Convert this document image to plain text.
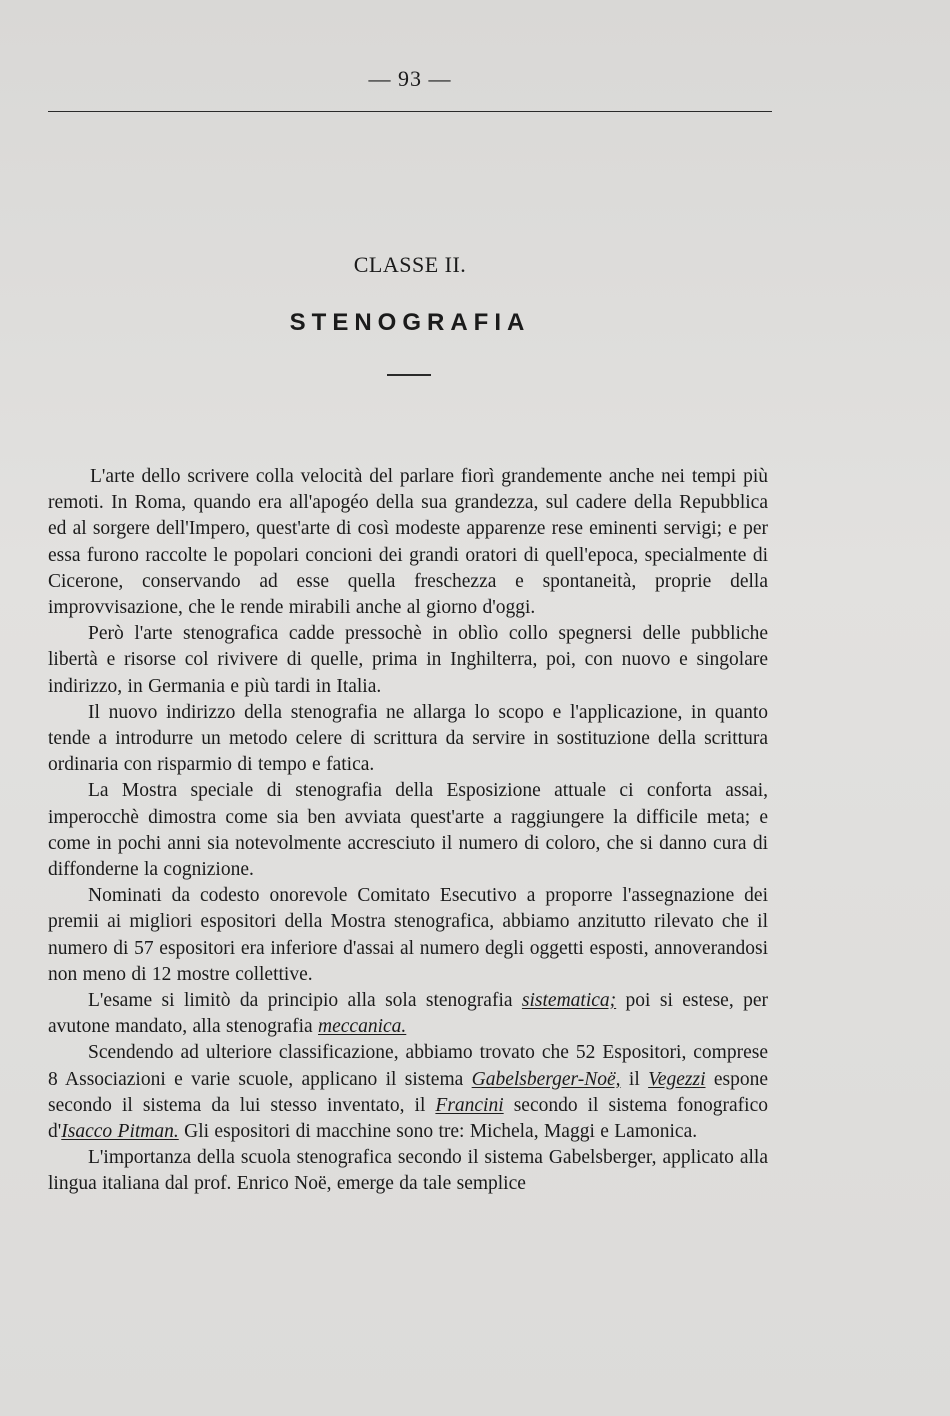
— 93 —
CLASSE II.
STENOGRAFIA

L'arte dello scrivere colla velocità del parlare fiorì grandemente anche nei tempi più remoti. In Roma, quando era all'apogéo della sua grandezza, sul cadere della Repubblica ed al sorgere dell'Impero, quest'arte di così modeste apparenze rese eminenti servigi; e per essa furono raccolte le popolari concioni dei grandi oratori di quell'epoca, specialmente di Cicerone, conservando ad esse quella freschezza e spontaneità, proprie della improvvisazione, che le rende mirabili anche al giorno d'oggi.

Però l'arte stenografica cadde pressochè in oblìo collo spegnersi delle pubbliche libertà e risorse col rivivere di quelle, prima in Inghilterra, poi, con nuovo e singolare indirizzo, in Germania e più tardi in Italia.

Il nuovo indirizzo della stenografia ne allarga lo scopo e l'applicazione, in quanto tende a introdurre un metodo celere di scrittura da servire in sostituzione della scrittura ordinaria con risparmio di tempo e fatica.

La Mostra speciale di stenografia della Esposizione attuale ci conforta assai, imperocchè dimostra come sia ben avviata quest'arte a raggiungere la difficile meta; e come in pochi anni sia notevolmente accresciuto il numero di coloro, che si danno cura di diffonderne la cognizione.

Nominati da codesto onorevole Comitato Esecutivo a proporre l'assegnazione dei premii ai migliori espositori della Mostra stenografica, abbiamo anzitutto rilevato che il numero di 57 espositori era inferiore d'assai al numero degli oggetti esposti, annoverandosi non meno di 12 mostre collettive.

L'esame si limitò da principio alla sola stenografia sistematica; poi si estese, per avutone mandato, alla stenografia meccanica.

Scendendo ad ulteriore classificazione, abbiamo trovato che 52 Espositori, comprese 8 Associazioni e varie scuole, applicano il sistema Gabelsberger-Noë, il Vegezzi espone secondo il sistema da lui stesso inventato, il Francini secondo il sistema fonografico d'Isacco Pitman. Gli espositori di macchine sono tre: Michela, Maggi e Lamonica.

L'importanza della scuola stenografica secondo il sistema Gabelsberger, applicato alla lingua italiana dal prof. Enrico Noë, emerge da tale semplice
